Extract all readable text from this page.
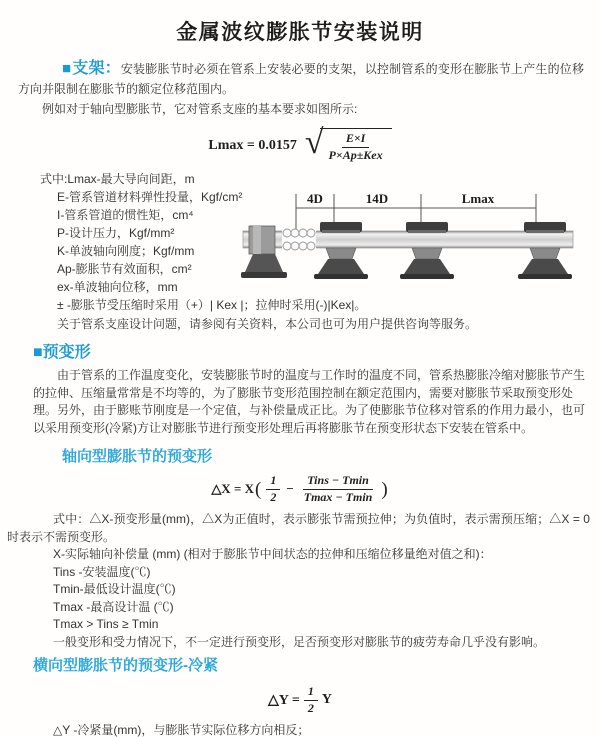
金属波纹膨胀节安装说明

■支架：安装膨胀节时必须在管系上安装必要的支架，以控制管系的变形在膨胀节上产生的位移方向并限制在膨胀节的额定位移范围内。

例如对于轴向型膨胀节，它对管系支座的基本要求如图所示:

Lmax = 0.0157 √ $\frac{E\times I}{\text{P×Ap±Kex}}$
式中:Lmax-最大导向间距，m
E-管系管道材料弹性投量，Kgf/cm²
I-管系管道的惯性矩，cm⁴
P-设计压力，Kgf/mm²
K-单波轴向刚度；Kgf/mm
Ap-膨胀节有效面积，cm²
ex-单波轴向位移，mm
± -膨胀节受压缩时采用（+）| Kex |；拉伸时采用(-)|Kex|。

关于管系支座设计问题，请参阅有关资料，本公司也可为用户提供咨询等服务。

4D	14D	Lmax
■预变形

由于管系的工作温度变化，安装膨胀节时的温度与工作时的温度不同，管系热膨胀冷缩对膨胀节产生的拉伸、压缩量常常是不均等的，为了膨胀节变形范围控制在额定范围内，需要对膨胀节采取预变形处理。另外，由于膨账节刚度是一个定值，与补偿量成正比。为了使膨胀节位移对管系的作用力最小，也可以采用预变形(冷紧)方让对膨胀节进行预变形处理后再将膨胀节在预变形状态下安装在管系中。

轴向型膨胀节的预变形
△X = X ( $\frac{1}{2} - \frac{\text{Tins − Tmin}}{Tmax - Tmin}$ )

式中：△X-预变形量(mm)，△X为正值时，表示膨张节需预拉伸；为负值时，表示需预压缩；△X = 0时表示不需预变形。

X-实际轴向补偿量 (mm) (相对于膨胀节中间状态的拉伸和压缩位移量绝对值之和)：

Tins -安装温度(℃)

Tmin-最低设计温度(℃)

Tmax -最高设计温 (℃)

Tmax > Tins ≥ Tmin

一般变形和受力情况下，不一定进行预变形，足否预变形对膨胀节的疲劳寿命几乎没有影响。

横向型膨胀节的预变形-冷紧
△Y = $\frac{1}{2}$ Y

△Y -冷紧量(mm)，与膨胀节实际位移方向相反；
